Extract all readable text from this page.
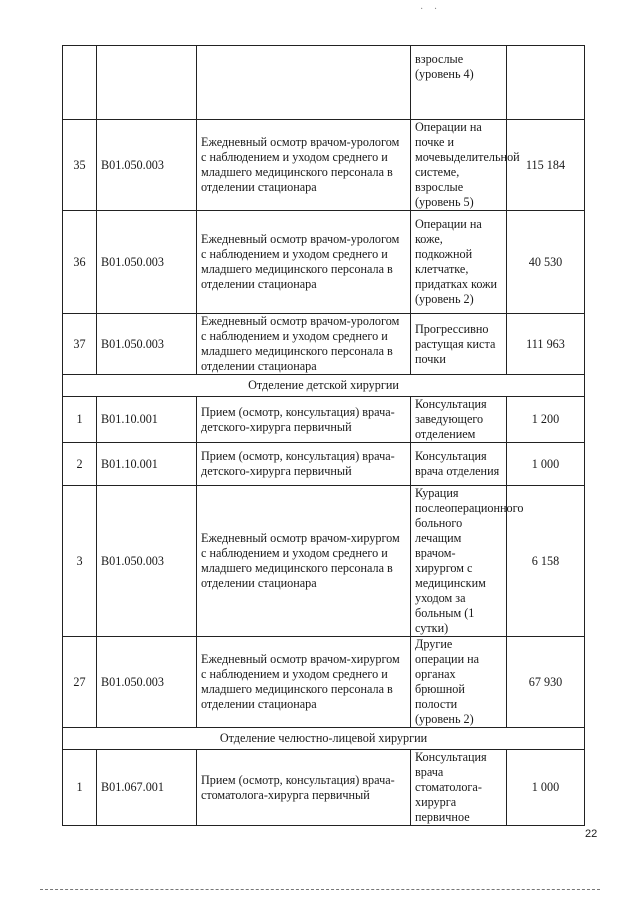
· ·
			взрослые (уровень 4)	
35	B01.050.003	Ежедневный осмотр врачом-урологом с наблюдением и уходом среднего и младшего медицинского персонала в отделении стационара	Операции на почке и мочевыделительной системе, взрослые (уровень 5)	115 184
36	B01.050.003	Ежедневный осмотр врачом-урологом с наблюдением и уходом среднего и младшего медицинского персонала в отделении стационара	Операции на коже, подкожной клетчатке, придатках кожи (уровень 2)	40 530
37	B01.050.003	Ежедневный осмотр врачом-урологом с наблюдением и уходом среднего и младшего медицинского персонала в отделении стационара	Прогрессивно растущая киста почки	111 963
Отделение детской хирургии				
1	B01.10.001	Прием (осмотр, консультация) врача-детского-хирурга первичный	Консультация заведующего отделением	1 200
2	B01.10.001	Прием (осмотр, консультация) врача-детского-хирурга первичный	Консультация врача отделения	1 000
3	B01.050.003	Ежедневный осмотр врачом-хирургом с наблюдением и уходом среднего и младшего медицинского персонала в отделении стационара	Курация послеоперационного больного лечащим врачом-хирургом с медицинским уходом за больным (1 сутки)	6 158
27	B01.050.003	Ежедневный осмотр врачом-хирургом с наблюдением и уходом среднего и младшего медицинского персонала в отделении стационара	Другие операции на органах брюшной полости (уровень 2)	67 930
Отделение челюстно-лицевой хирургии				
1	B01.067.001	Прием (осмотр, консультация) врача-стоматолога-хирурга первичный	Консультация врача стоматолога-хирурга первичное	1 000
22
